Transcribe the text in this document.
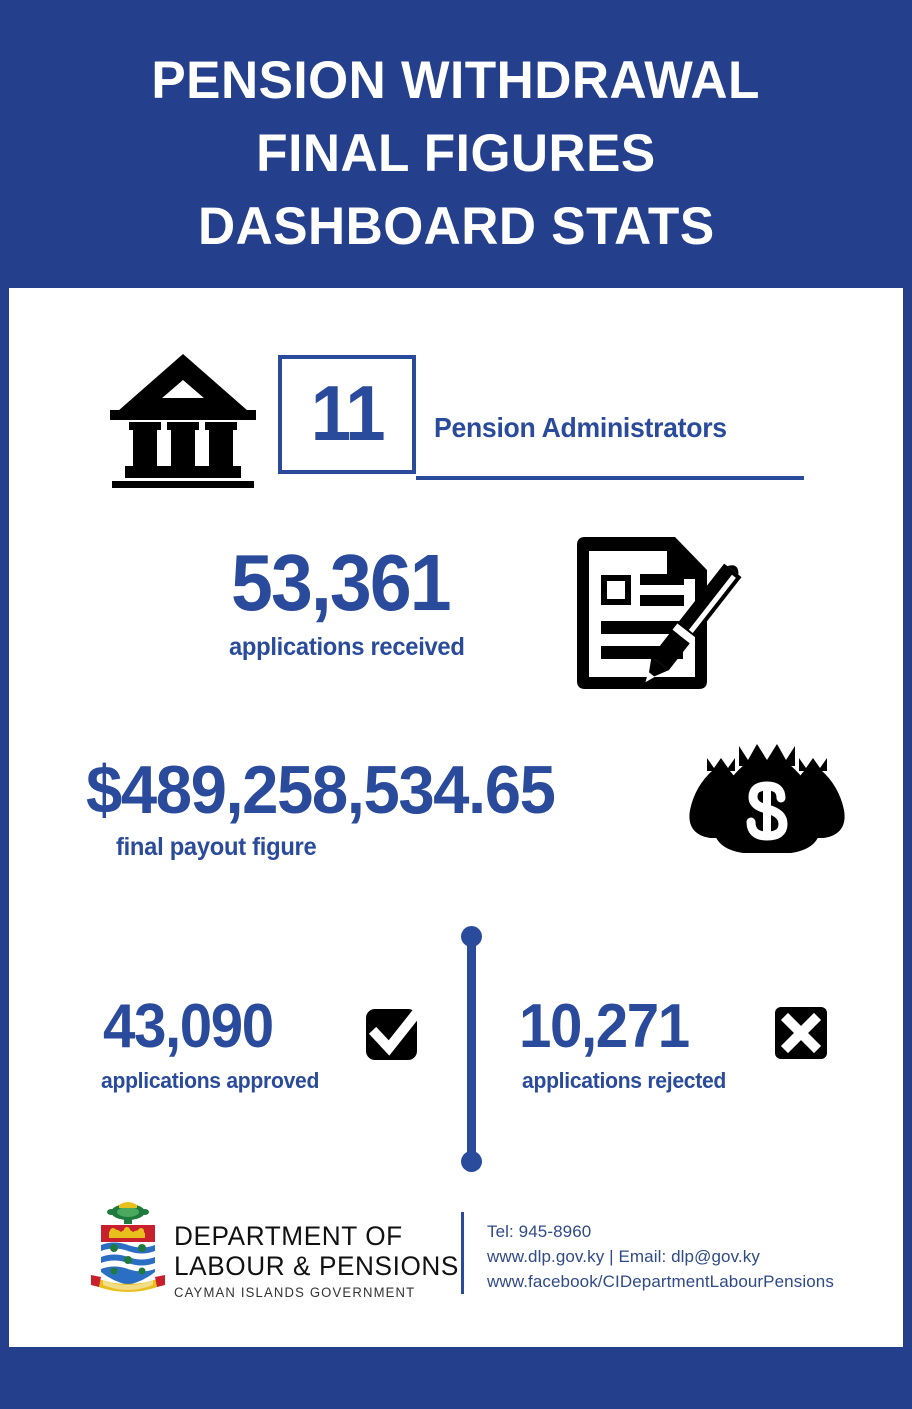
PENSION WITHDRAWAL
FINAL FIGURES
DASHBOARD STATS
11 Pension Administrators
53,361
applications received
$489,258,534.65
final payout figure
43,090
applications approved
10,271
applications rejected
DEPARTMENT OF
LABOUR & PENSIONS
CAYMAN ISLANDS GOVERNMENT
Tel: 945-8960
www.dlp.gov.ky | Email: dlp@gov.ky
www.facebook/CIDepartmentLabourPensions
